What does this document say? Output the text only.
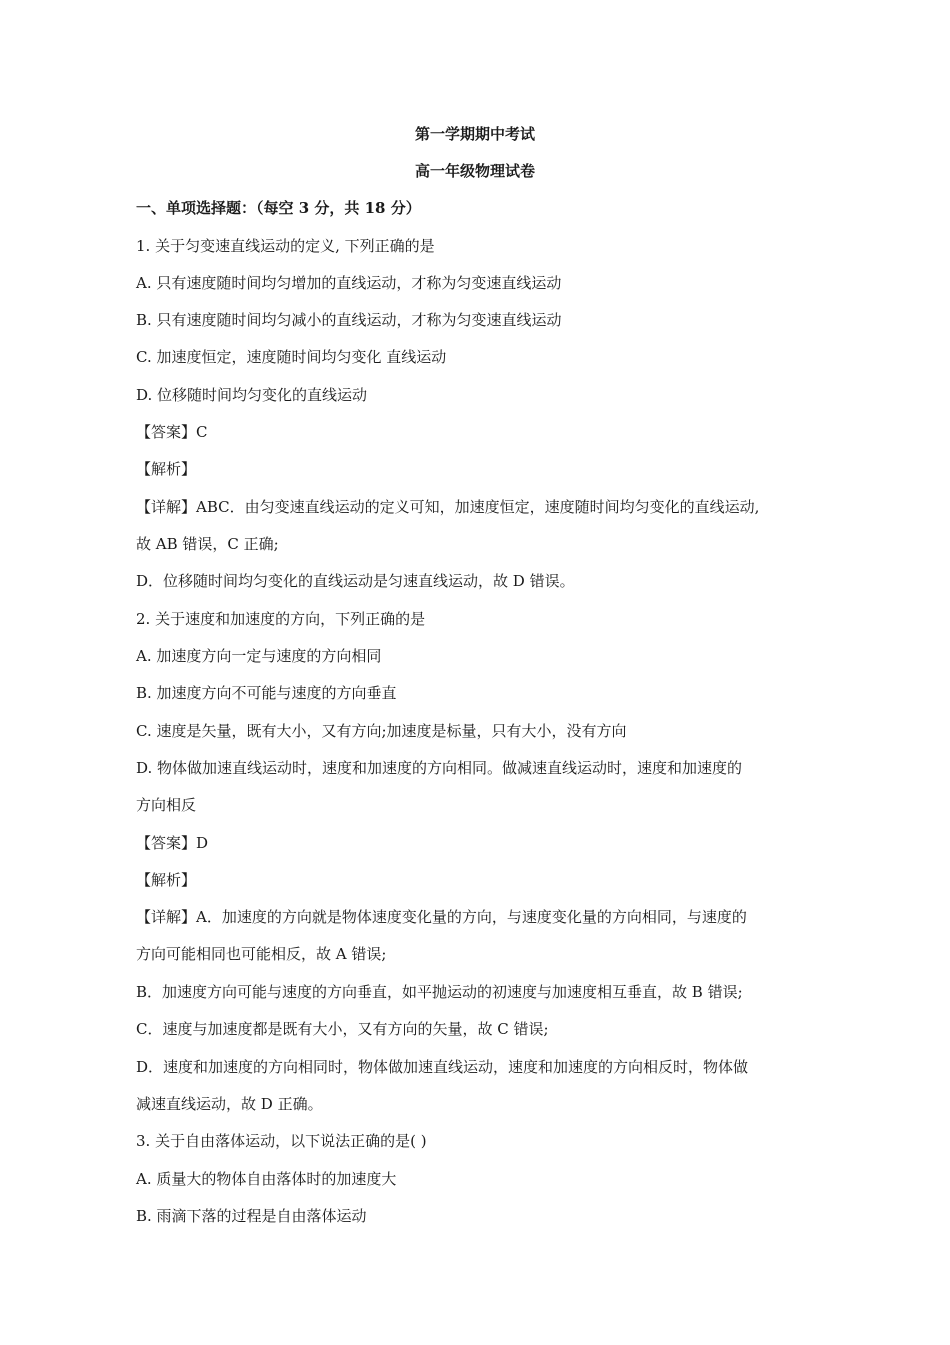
第一学期期中考试
高一年级物理试卷
一、单项选择题：（每空 3 分，共 18 分）
1. 关于匀变速直线运动的定义, 下列正确的是
A. 只有速度随时间均匀增加的直线运动，才称为匀变速直线运动
B. 只有速度随时间均匀减小的直线运动，才称为匀变速直线运动
C. 加速度恒定，速度随时间均匀变化 直线运动
D. 位移随时间均匀变化的直线运动
【答案】C
【解析】
【详解】ABC．由匀变速直线运动的定义可知，加速度恒定，速度随时间均匀变化的直线运动,
故 AB 错误，C 正确;
D．位移随时间均匀变化的直线运动是匀速直线运动，故 D 错误。
2. 关于速度和加速度的方向，下列正确的是
A. 加速度方向一定与速度的方向相同
B. 加速度方向不可能与速度的方向垂直
C. 速度是矢量，既有大小，又有方向;加速度是标量，只有大小，没有方向
D. 物体做加速直线运动时，速度和加速度的方向相同。做减速直线运动时，速度和加速度的
方向相反
【答案】D
【解析】
【详解】A．加速度的方向就是物体速度变化量的方向，与速度变化量的方向相同，与速度的
方向可能相同也可能相反，故 A 错误;
B．加速度方向可能与速度的方向垂直，如平抛运动的初速度与加速度相互垂直，故 B 错误;
C．速度与加速度都是既有大小，又有方向的矢量，故 C 错误;
D．速度和加速度的方向相同时，物体做加速直线运动，速度和加速度的方向相反时，物体做
减速直线运动，故 D 正确。
3. 关于自由落体运动，以下说法正确的是( )
A. 质量大的物体自由落体时的加速度大
B. 雨滴下落的过程是自由落体运动
